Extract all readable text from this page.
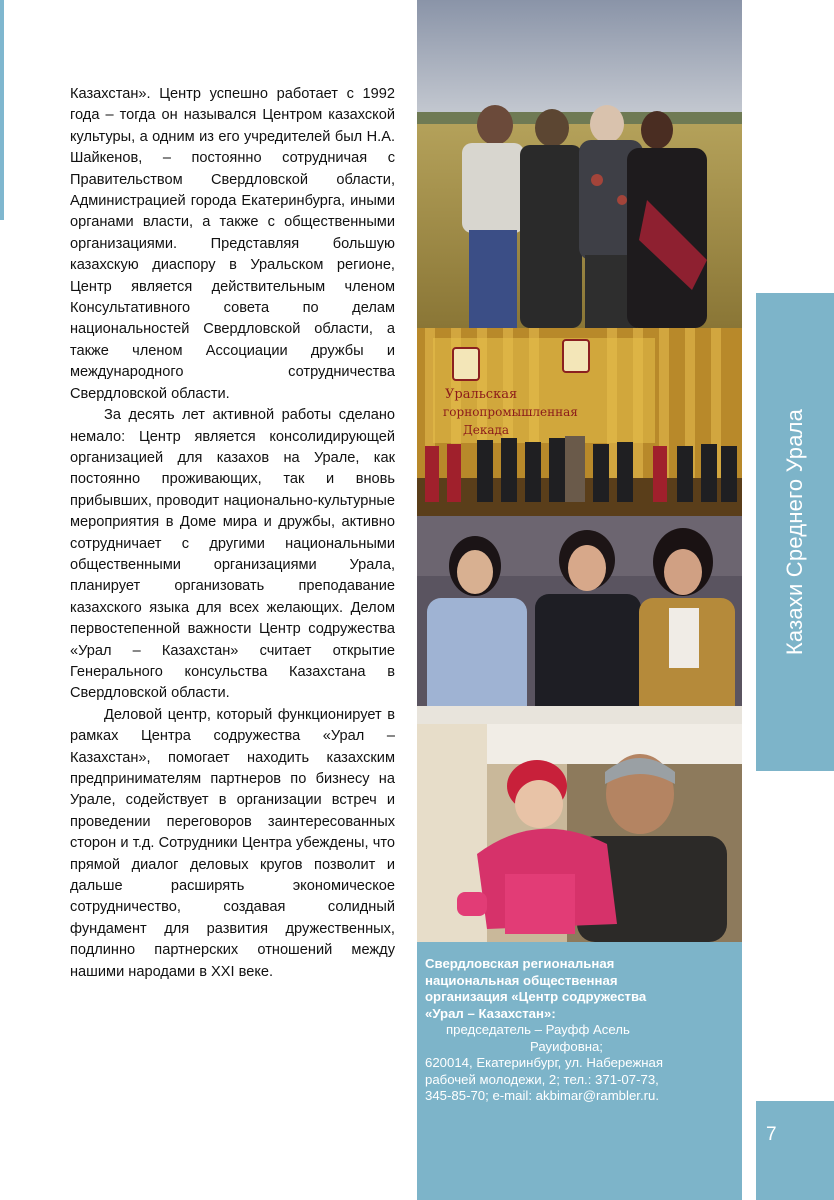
Казахстан». Центр успешно работает с 1992 года – тогда он назывался Центром казахской культуры, а одним из его учредителей был Н.А. Шайкенов, – постоянно сотрудничая с Правительством Свердловской области, Администрацией города Екатеринбурга, иными органами власти, а также с общественными организациями. Представляя большую казахскую диаспору в Уральском регионе, Центр является действительным членом Консультативного совета по делам национальностей Свердловской области, а также членом Ассоциации дружбы и международного сотрудничества Свердловской области.

За десять лет активной работы сделано немало: Центр является консолидирующей организацией для казахов на Урале, как постоянно проживающих, так и вновь прибывших, проводит национально-культурные мероприятия в Доме мира и дружбы, активно сотрудничает с другими национальными общественными организациями Урала, планирует организовать преподавание казахского языка для всех желающих. Делом первостепенной важности Центр содружества «Урал – Казахстан» считает открытие Генерального консульства Казахстана в Свердловской области.

Деловой центр, который функционирует в рамках Центра содружества «Урал – Казахстан», помогает находить казахским предпринимателям партнеров по бизнесу на Урале, содействует в организации встреч и проведении переговоров заинтересованных сторон и т.д. Сотрудники Центра убеждены, что прямой диалог деловых кругов позволит и дальше расширять экономическое сотрудничество, создавая солидный фундамент для развития дружественных, подлинно партнерских отношений между нашими народами в XXI веке.

Уральская
горнопромышленная
Декада
Свердловская региональная
национальная общественная
организация «Центр содружества
«Урал – Казахстан»:
председатель – Рауфф Асель
Рауифовна;
620014, Екатеринбург, ул. Набережная
рабочей молодежи, 2; тел.: 371-07-73,
345-85-70; e-mail: akbimar@rambler.ru.
Казахи Среднего Урала
7
